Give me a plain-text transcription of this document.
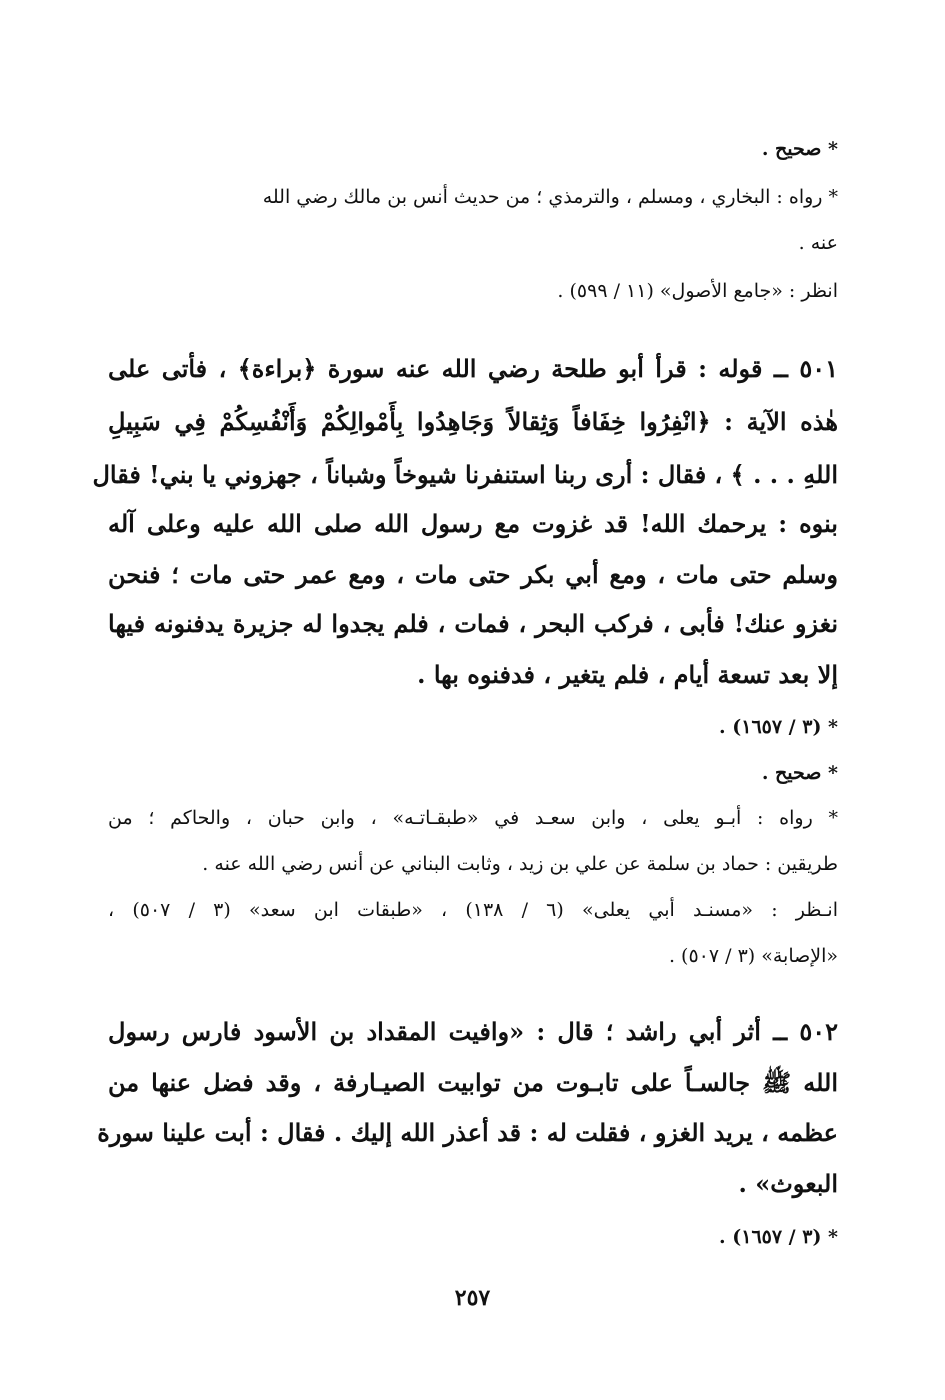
* صحيح .
* رواه : البخاري ، ومسلم ، والترمذي ؛ من حديث أنس بن مالك رضي الله
عنه .
انظر : «جامع الأصول» (١١ / ٥٩٩) .
٥٠١ ــ قوله : قرأ أبو طلحة رضي الله عنه سورة ﴿براءة﴾ ، فأتى على
هٰذه الآية : ﴿انْفِرُوا خِفَافاً وَثِقالاً وَجَاهِدُوا بِأَمْوالِكُمْ وَأَنْفُسِكُمْ فِي سَبِيلِ
اللهِ . . . ﴾ ، فقال : أرى ربنا استنفرنا شيوخاً وشباناً ، جهزوني يا بني! فقال
بنوه : يرحمك الله! قد غزوت مع رسول الله صلى الله عليه وعلى آله
وسلم حتى مات ، ومع أبي بكر حتى مات ، ومع عمر حتى مات ؛ فنحن
نغزو عنك! فأبى ، فركب البحر ، فمات ، فلم يجدوا له جزيرة يدفنونه فيها
إلا بعد تسعة أيام ، فلم يتغير ، فدفنوه بها .
* (٣ / ١٦٥٧) .
* صحيح .
* رواه : أبـو يعلى ، وابن سعـد في «طبقـاتـه» ، وابن حبان ، والحاكم ؛ من
طريقين : حماد بن سلمة عن علي بن زيد ، وثابت البناني عن أنس رضي الله عنه .
انـظر : «مسنـد أبي يعلى» (٦ / ١٣٨) ، «طبقات ابن سعد» (٣ / ٥٠٧) ،
«الإصابة» (٣ / ٥٠٧) .
٥٠٢ ــ أثر أبي راشد ؛ قال : «وافيت المقداد بن الأسود فارس رسول
الله ﷺ جالسـاً على تابـوت من توابيت الصيـارفة ، وقد فضل عنها من
عظمه ، يريد الغزو ، فقلت له : قد أعذر الله إليك . فقال : أبت علينا سورة
البعوث» .
* (٣ / ١٦٥٧) .
٢٥٧
